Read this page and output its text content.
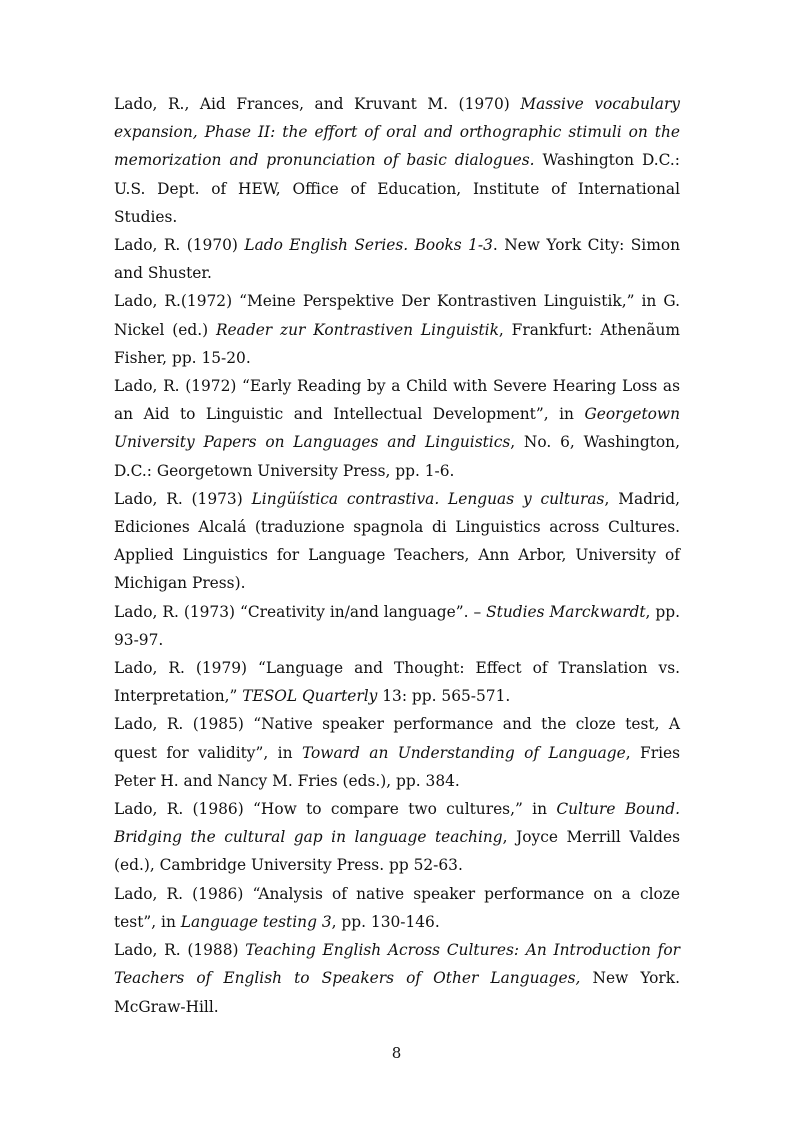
Lado, R., Aid Frances, and Kruvant M. (1970) Massive vocabulary expansion, Phase II: the effort of oral and orthographic stimuli on the memorization and pronunciation of basic dialogues. Washington D.C.: U.S. Dept. of HEW, Office of Education, Institute of International Studies.

Lado, R. (1970) Lado English Series. Books 1-3. New York City: Simon and Shuster.

Lado, R.(1972) “Meine Perspektive Der Kontrastiven Linguistik,” in G. Nickel (ed.) Reader zur Kontrastiven Linguistik, Frankfurt: Athenãum Fisher, pp. 15-20.

Lado, R. (1972) “Early Reading by a Child with Severe Hearing Loss as an Aid to Linguistic and Intellectual Development”, in Georgetown University Papers on Languages and Linguistics, No. 6, Washington, D.C.: Georgetown University Press, pp. 1-6.

Lado, R. (1973) Lingüística contrastiva. Lenguas y culturas, Madrid, Ediciones Alcalá (traduzione spagnola di Linguistics across Cultures. Applied Linguistics for Language Teachers, Ann Arbor, University of Michigan Press).

Lado, R. (1973) “Creativity in/and language”. – Studies Marckwardt, pp. 93-97.

Lado, R. (1979) “Language and Thought: Effect of Translation vs. Interpretation,” TESOL Quarterly 13: pp. 565-571.

Lado, R. (1985) “Native speaker performance and the cloze test, A quest for validity”, in Toward an Understanding of Language, Fries Peter H. and Nancy M. Fries (eds.), pp. 384.

Lado, R. (1986) “How to compare two cultures,” in Culture Bound. Bridging the cultural gap in language teaching, Joyce Merrill Valdes (ed.), Cambridge University Press. pp 52-63.

Lado, R. (1986) “Analysis of native speaker performance on a cloze test”, in Language testing 3, pp. 130-146.

Lado, R. (1988) Teaching English Across Cultures: An Introduction for Teachers of English to Speakers of Other Languages, New York. McGraw-Hill.

8
